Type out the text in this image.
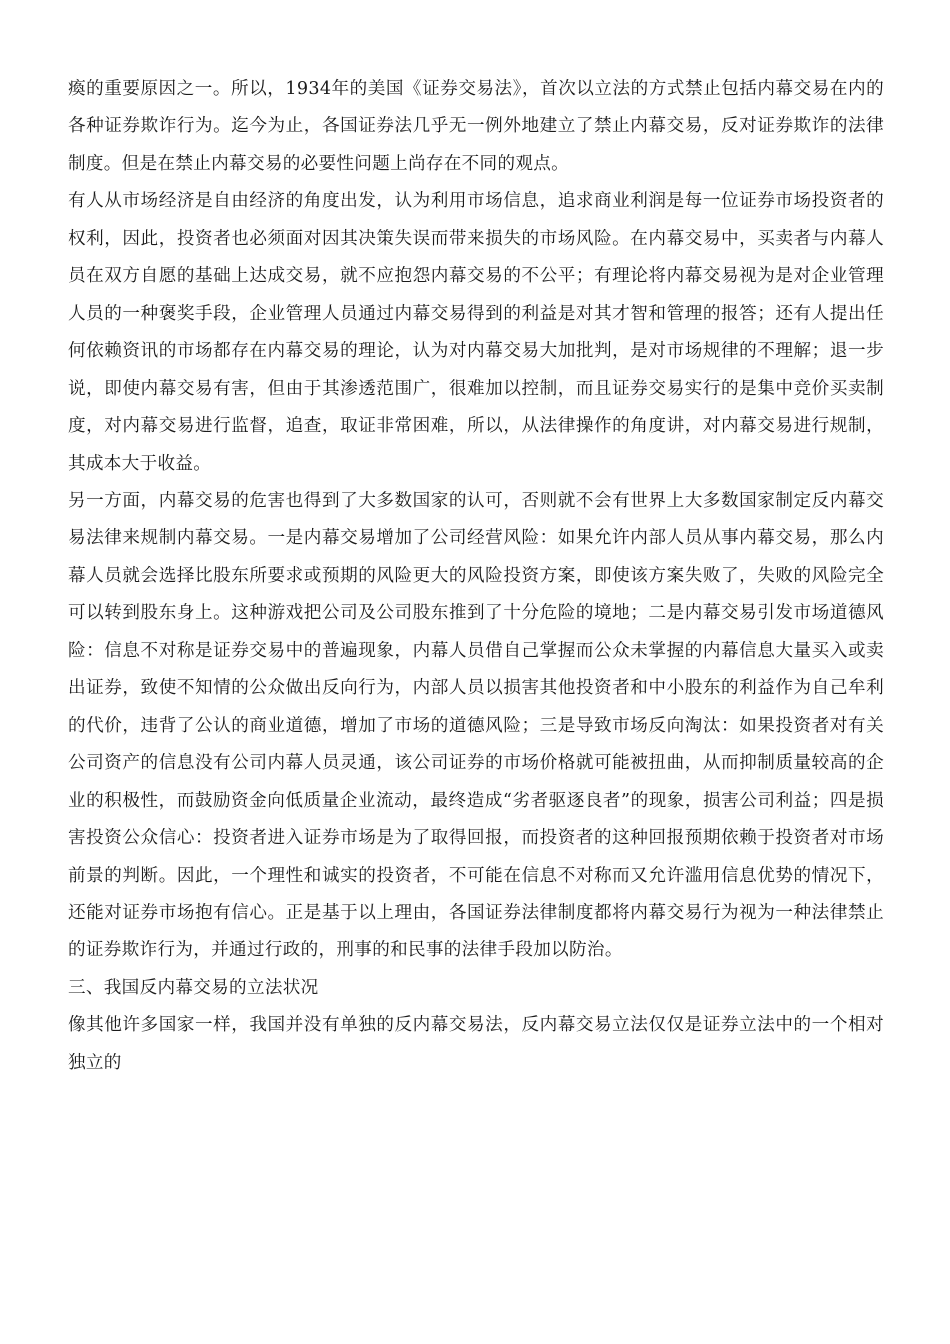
瘓的重要原因之一。所以，1934年的美国《证券交易法》，首次以立法的方式禁止包括内幕交易在内的各种证券欺诈行为。迄今为止，各国证券法几乎无一例外地建立了禁止内幕交易，反对证券欺诈的法律制度。但是在禁止内幕交易的必要性问题上尚存在不同的观点。

有人从市场经济是自由经济的角度出发，认为利用市场信息，追求商业利润是每一位证券市场投资者的权利，因此，投资者也必须面对因其决策失误而带来损失的市场风险。在内幕交易中，买卖者与内幕人员在双方自愿的基础上达成交易，就不应抱怨内幕交易的不公平；有理论将内幕交易视为是对企业管理人员的一种褒奖手段，企业管理人员通过内幕交易得到的利益是对其才智和管理的报答；还有人提出任何依赖资讯的市场都存在内幕交易的理论，认为对内幕交易大加批判，是对市场规律的不理解；退一步说，即使内幕交易有害，但由于其渗透范围广，很难加以控制，而且证券交易实行的是集中竞价买卖制度，对内幕交易进行监督，追查，取证非常困难，所以，从法律操作的角度讲，对内幕交易进行规制，其成本大于收益。

另一方面，内幕交易的危害也得到了大多数国家的认可，否则就不会有世界上大多数国家制定反内幕交易法律来规制内幕交易。一是内幕交易增加了公司经营风险：如果允许内部人员从事内幕交易，那么内幕人员就会选择比股东所要求或预期的风险更大的风险投资方案，即使该方案失败了，失败的风险完全可以转到股东身上。这种游戏把公司及公司股东推到了十分危险的境地；二是内幕交易引发市场道德风险：信息不对称是证券交易中的普遍现象，内幕人员借自己掌握而公众未掌握的内幕信息大量买入或卖出证券，致使不知情的公众做出反向行为，内部人员以损害其他投资者和中小股东的利益作为自己牟利的代价，违背了公认的商业道德，增加了市场的道德风险；三是导致市场反向淘汰：如果投资者对有关公司资产的信息没有公司内幕人员灵通，该公司证券的市场价格就可能被扭曲，从而抑制质量较高的企业的积极性，而鼓励资金向低质量企业流动，最终造成“劣者驱逐良者”的现象，损害公司利益；四是损害投资公众信心：投资者进入证券市场是为了取得回报，而投资者的这种回报预期依赖于投资者对市场前景的判断。因此，一个理性和诚实的投资者，不可能在信息不对称而又允许滥用信息优势的情况下，还能对证券市场抱有信心。正是基于以上理由，各国证券法律制度都将内幕交易行为视为一种法律禁止的证券欺诈行为，并通过行政的，刑事的和民事的法律手段加以防治。

三、我国反内幕交易的立法状况

像其他许多国家一样，我国并没有单独的反内幕交易法，反内幕交易立法仅仅是证券立法中的一个相对独立的
